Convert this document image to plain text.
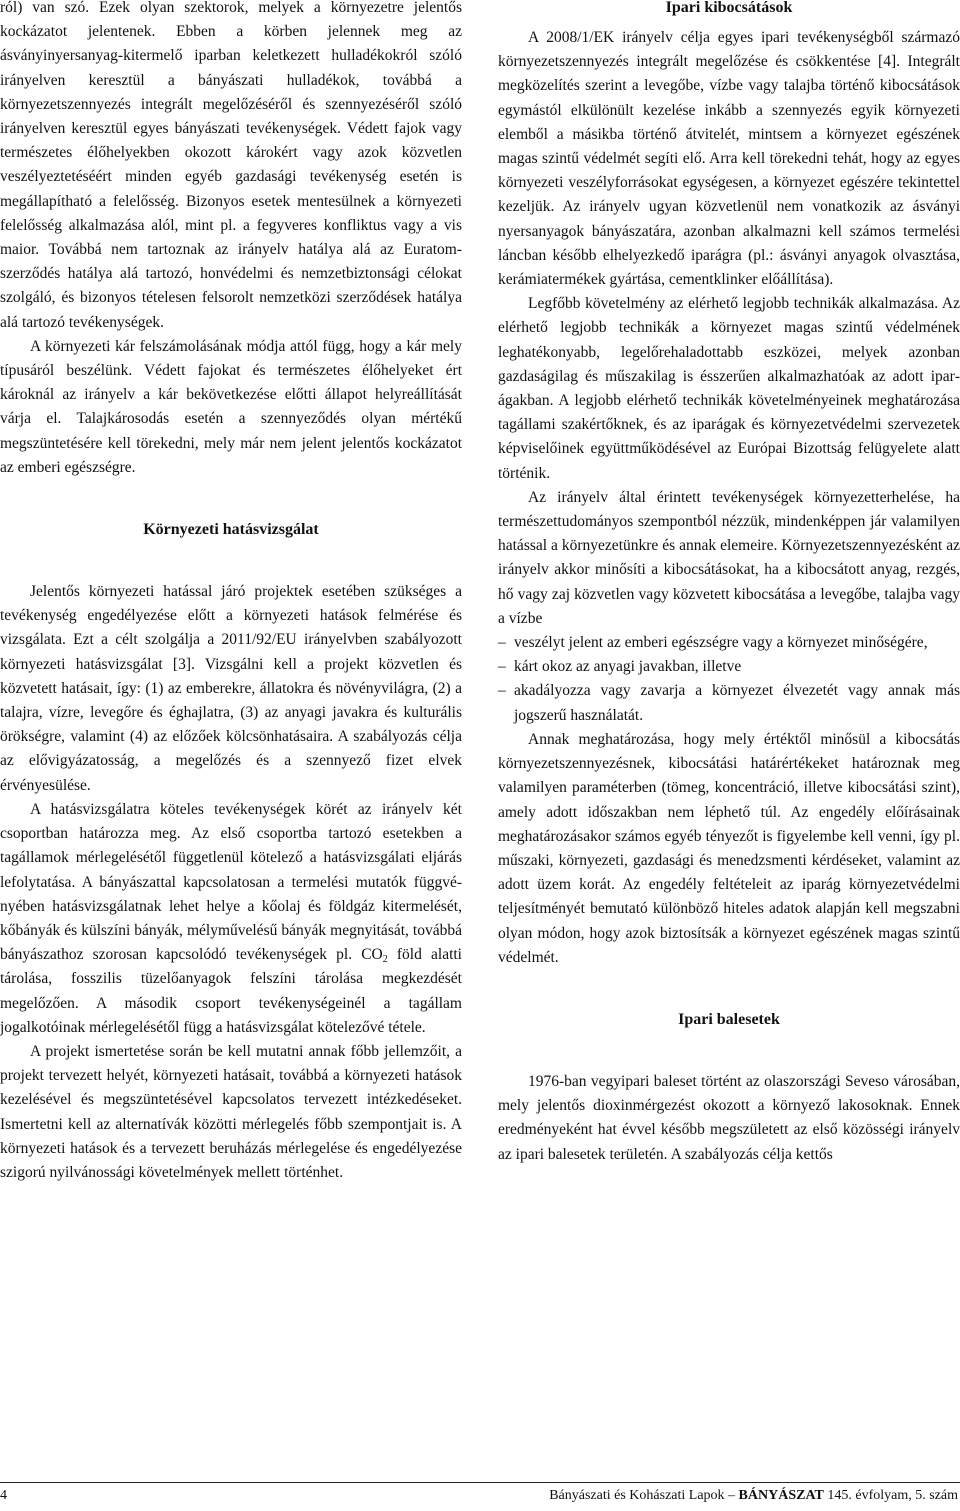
ról) van szó. Ezek olyan szektorok, melyek a környezetre jelentős kockázatot jelentenek. Ebben a körben jelennek meg az ásványinyersanyag-kitermelő iparban keletkezett hulladékokról szóló irányelven keresztül a bányászati hulladékok, továbbá a környezetszennyezés integrált megelőzéséről és szennyezéséről szóló irányelven keresztül egyes bányászati tevékenységek. Védett fajok vagy természetes élőhelyekben okozott károkért vagy azok közvetlen veszélyeztetéséért minden egyéb gazdasági tevékenység esetén is megállapítható a felelősség. Bizonyos esetek mentesülnek a környezeti felelősség alkalmazása alól, mint pl. a fegyveres konfliktus vagy a vis maior. Továbbá nem tartoznak az irányelv hatálya alá az Euratom-szerződés hatálya alá tartozó, honvédelmi és nemzetbiztonsági célokat szolgáló, és bizonyos tételesen felsorolt nemzetközi szerződések hatálya alá tartozó tevékenységek.

A környezeti kár felszámolásának módja attól függ, hogy a kár mely típusáról beszélünk. Védett fajokat és természetes élőhelyeket ért károknál az irányelv a kár bekövetkezése előtti állapot helyreállítását várja el. Talajkárosodás esetén a szennyeződés olyan mértékű megszüntetésére kell törekedni, mely már nem jelent jelentős kockázatot az emberi egészségre.

Környezeti hatásvizsgálat

Jelentős környezeti hatással járó projektek esetében szükséges a tevékenység engedélyezése előtt a környezeti hatások felmérése és vizsgálata. Ezt a célt szolgálja a 2011/92/EU irányelvben szabályozott környezeti hatásvizsgálat [3]. Vizsgálni kell a projekt közvetlen és közvetett hatásait, így: (1) az emberekre, állatokra és növényvilágra, (2) a talajra, vízre, levegőre és éghajlatra, (3) az anyagi javakra és kulturális örökségre, valamint (4) az előzőek kölcsönhatásaira. A szabályozás célja az elővigyázatosság, a megelőzés és a szennyező fizet elvek érvényesülése.

A hatásvizsgálatra köteles tevékenységek körét az irányelv két csoportban határozza meg. Az első csoportba tartozó esetekben a tagállamok mérlegelésétől függetlenül kötelező a hatásvizsgálati eljárás lefolytatása. A bányászattal kapcsolatosan a termelési mutatók függvényében hatásvizsgálatnak lehet helye a kőolaj és földgáz kitermelését, kőbányák és külszíni bányák, mélyművelésű bányák megnyitását, továbbá bányászathoz szorosan kapcsolódó tevékenységek pl. $CO_2$ föld alatti tárolása, fosszilis tüzelőanyagok felszíni tárolása megkezdését megelőzően. A második csoport tevékenységeinél a tagállam jogalkotóinak mérlegelésétől függ a hatásvizsgálat kötelezővé tétele.

A projekt ismertetése során be kell mutatni annak főbb jellemzőit, a projekt tervezett helyét, környezeti hatásait, továbbá a környezeti hatások kezelésével és megszüntetésével kapcsolatos tervezett intézkedéseket. Ismertetni kell az alternatívák közötti mérlegelés főbb szempontjait is. A környezeti hatások és a tervezett beruházás mérlegelése és engedélyezése szigorú nyilvánossági követelmények mellett történhet.

Ipari kibocsátások

A 2008/1/EK irányelv célja egyes ipari tevékenységből származó környezetszennyezés integrált megelőzése és csökkentése [4]. Integrált megközelítés szerint a levegőbe, vízbe vagy talajba történő kibocsátások egymástól elkülönült kezelése inkább a szennyezés egyik környezeti elemből a másikba történő átvitelét, mintsem a környezet egészének magas szintű védelmét segíti elő. Arra kell törekedni tehát, hogy az egyes környezeti veszélyforrásokat egységesen, a környezet egészére tekintettel kezeljük. Az irányelv ugyan közvetlenül nem vonatkozik az ásványi nyersanyagok bányászatára, azonban alkalmazni kell számos termelési láncban később elhelyezkedő iparágra (pl.: ásványi anyagok olvasztása, kerámiatermékek gyártása, cementklinker előállítása).

Legfőbb követelmény az elérhető legjobb technikák alkalmazása. Az elérhető legjobb technikák a környezet magas szintű védelmének leghatékonyabb, legelőrehaladottabb eszközei, melyek azonban gazdaságilag és műszakilag is ésszerűen alkalmazhatóak az adott iparágakban. A legjobb elérhető technikák követelményeinek meghatározása tagállami szakértőknek, és az iparágak és környezetvédelmi szervezetek képviselőinek együttműködésével az Európai Bizottság felügyelete alatt történik.

Az irányelv által érintett tevékenységek környezetterhelése, ha természettudományos szempontból nézzük, mindenképpen jár valamilyen hatással a környezetünkre és annak elemeire. Környezetszennyezésként az irányelv akkor minősíti a kibocsátásokat, ha a kibocsátott anyag, rezgés, hő vagy zaj közvetlen vagy közvetett kibocsátása a levegőbe, talajba vagy a vízbe

– veszélyt jelent az emberi egészségre vagy a környezet minőségére,
– kárt okoz az anyagi javakban, illetve
– akadályozza vagy zavarja a környezet élvezetét vagy annak más jogszerű használatát.

Annak meghatározása, hogy mely értéktől minősül a kibocsátás környezetszennyezésnek, kibocsátási határértékeket határoznak meg valamilyen paraméterben (tömeg, koncentráció, illetve kibocsátási szint), amely adott időszakban nem léphető túl. Az engedély előírásainak meghatározásakor számos egyéb tényezőt is figyelembe kell venni, így pl. műszaki, környezeti, gazdasági és menedzsmenti kérdéseket, valamint az adott üzem korát. Az engedély feltételeit az iparág környezetvédelmi teljesítményét bemutató különböző hiteles adatok alapján kell megszabni olyan módon, hogy azok biztosítsák a környezet egészének magas szintű védelmét.

Ipari balesetek

1976-ban vegyipari baleset történt az olaszországi Seveso városában, mely jelentős dioxinmérgezést okozott a környező lakosoknak. Ennek eredményeként hat évvel később megszületett az első közösségi irányelv az ipari balesetek területén. A szabályozás célja kettős

4	Bányászati és Kohászati Lapok – BÁNYÁSZAT 145. évfolyam, 5. szám
